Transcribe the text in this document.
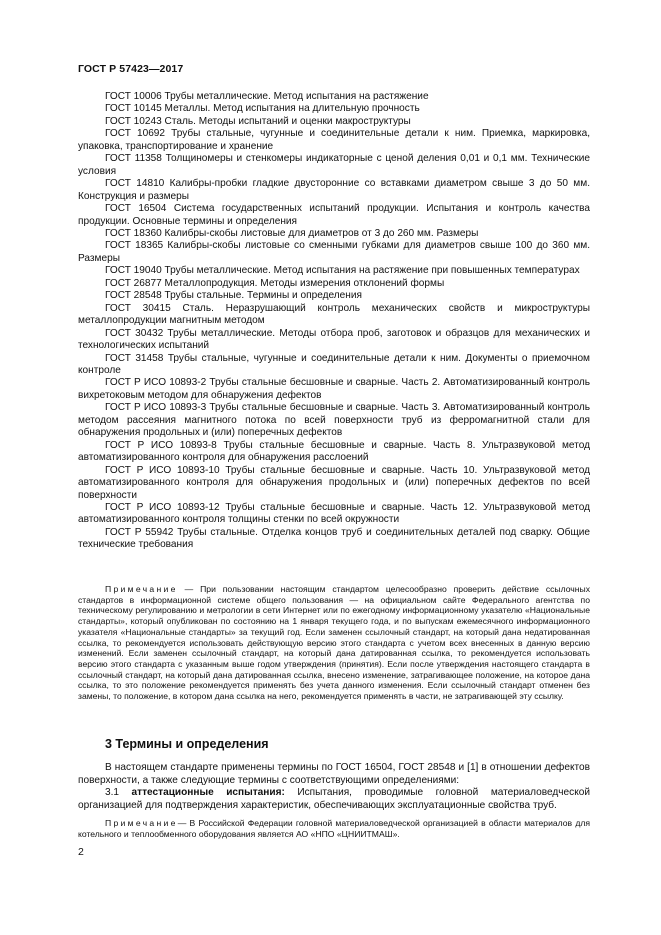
ГОСТ Р 57423—2017

ГОСТ 10006 Трубы металлические. Метод испытания на растяжение

ГОСТ 10145 Металлы. Метод испытания на длительную прочность

ГОСТ 10243 Сталь. Методы испытаний и оценки макроструктуры

ГОСТ 10692 Трубы стальные, чугунные и соединительные детали к ним. Приемка, маркировка, упаковка, транспортирование и хранение

ГОСТ 11358 Толщиномеры и стенкомеры индикаторные с ценой деления 0,01 и 0,1 мм. Технические условия

ГОСТ 14810 Калибры-пробки гладкие двусторонние со вставками диаметром свыше 3 до 50 мм. Конструкция и размеры

ГОСТ 16504 Система государственных испытаний продукции. Испытания и контроль качества продукции. Основные термины и определения

ГОСТ 18360 Калибры-скобы листовые для диаметров от 3 до 260 мм. Размеры

ГОСТ 18365 Калибры-скобы листовые со сменными губками для диаметров свыше 100 до 360 мм. Размеры

ГОСТ 19040 Трубы металлические. Метод испытания на растяжение при повышенных температурах

ГОСТ 26877 Металлопродукция. Методы измерения отклонений формы

ГОСТ 28548 Трубы стальные. Термины и определения

ГОСТ 30415 Сталь. Неразрушающий контроль механических свойств и микроструктуры металлопродукции магнитным методом

ГОСТ 30432 Трубы металлические. Методы отбора проб, заготовок и образцов для механических и технологических испытаний

ГОСТ 31458 Трубы стальные, чугунные и соединительные детали к ним. Документы о приемочном контроле

ГОСТ Р ИСО 10893-2 Трубы стальные бесшовные и сварные. Часть 2. Автоматизированный контроль вихретоковым методом для обнаружения дефектов

ГОСТ Р ИСО 10893-3 Трубы стальные бесшовные и сварные. Часть 3. Автоматизированный контроль методом рассеяния магнитного потока по всей поверхности труб из ферромагнитной стали для обнаружения продольных и (или) поперечных дефектов

ГОСТ Р ИСО 10893-8 Трубы стальные бесшовные и сварные. Часть 8. Ультразвуковой метод автоматизированного контроля для обнаружения расслоений

ГОСТ Р ИСО 10893-10 Трубы стальные бесшовные и сварные. Часть 10. Ультразвуковой метод автоматизированного контроля для обнаружения продольных и (или) поперечных дефектов по всей поверхности

ГОСТ Р ИСО 10893-12 Трубы стальные бесшовные и сварные. Часть 12. Ультразвуковой метод автоматизированного контроля толщины стенки по всей окружности

ГОСТ Р 55942 Трубы стальные. Отделка концов труб и соединительных деталей под сварку. Общие технические требования

Примечание — При пользовании настоящим стандартом целесообразно проверить действие ссылочных стандартов в информационной системе общего пользования — на официальном сайте Федерального агентства по техническому регулированию и метрологии в сети Интернет или по ежегодному информационному указателю «Национальные стандарты», который опубликован по состоянию на 1 января текущего года, и по выпускам ежемесячного информационного указателя «Национальные стандарты» за текущий год. Если заменен ссылочный стандарт, на который дана недатированная ссылка, то рекомендуется использовать действующую версию этого стандарта с учетом всех внесенных в данную версию изменений. Если заменен ссылочный стандарт, на который дана датированная ссылка, то рекомендуется использовать версию этого стандарта с указанным выше годом утверждения (принятия). Если после утверждения настоящего стандарта в ссылочный стандарт, на который дана датированная ссылка, внесено изменение, затрагивающее положение, на которое дана ссылка, то это положение рекомендуется применять без учета данного изменения. Если ссылочный стандарт отменен без замены, то положение, в котором дана ссылка на него, рекомендуется применять в части, не затрагивающей эту ссылку.

3 Термины и определения

В настоящем стандарте применены термины по ГОСТ 16504, ГОСТ 28548 и [1] в отношении дефектов поверхности, а также следующие термины с соответствующими определениями:

3.1 аттестационные испытания: Испытания, проводимые головной материаловедческой организацией для подтверждения характеристик, обеспечивающих эксплуатационные свойства труб.

Примечание— В Российской Федерации головной материаловедческой организацией в области материалов для котельного и теплообменного оборудования является АО «НПО «ЦНИИТМАШ».

2
